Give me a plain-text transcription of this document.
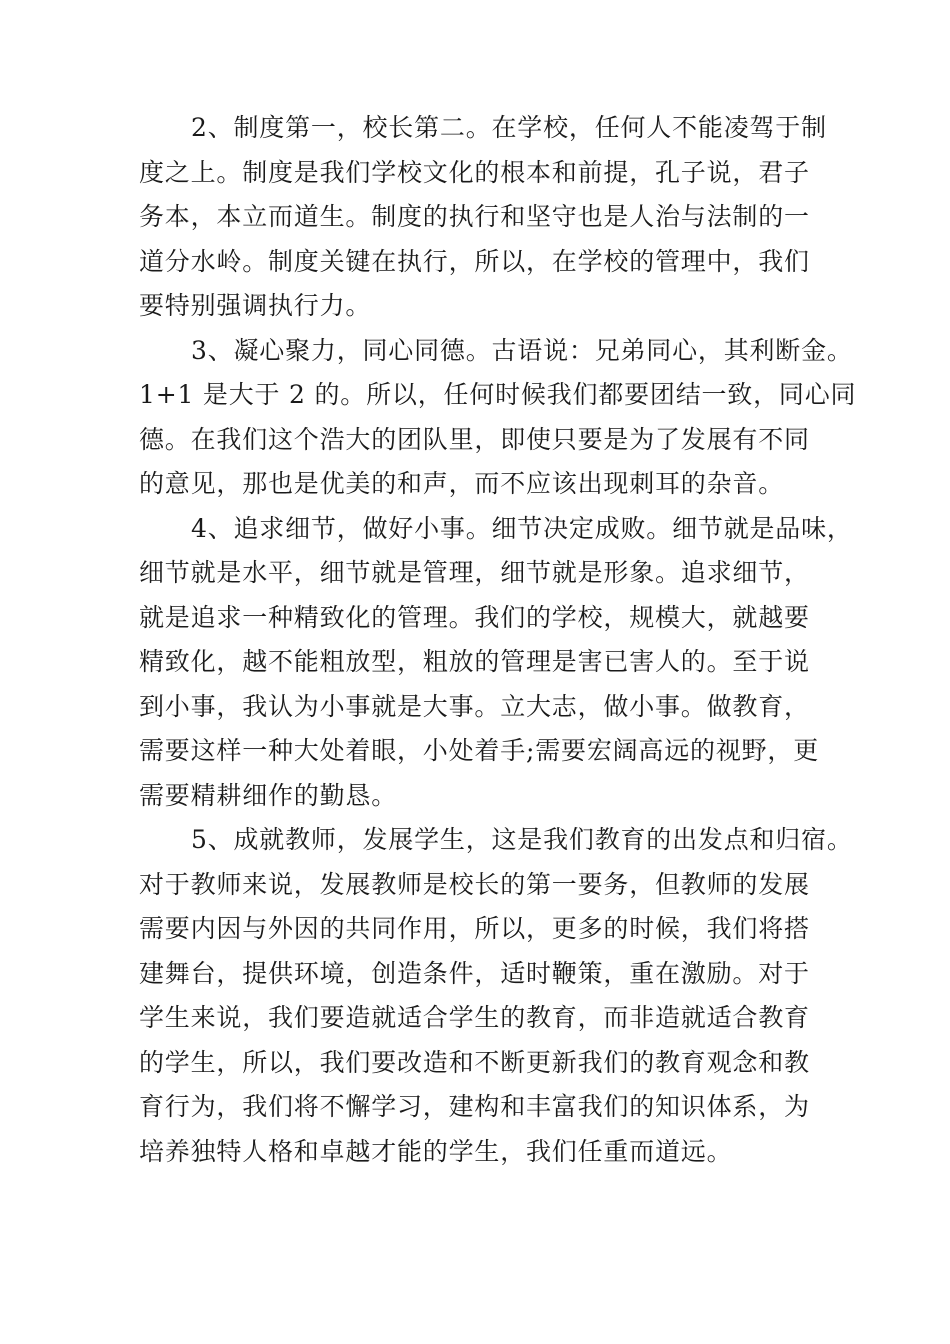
2、制度第一，校长第二。在学校，任何人不能凌驾于制
度之上。制度是我们学校文化的根本和前提，孔子说，君子
务本，本立而道生。制度的执行和坚守也是人治与法制的一
道分水岭。制度关键在执行，所以，在学校的管理中，我们
要特别强调执行力。
3、凝心聚力，同心同德。古语说：兄弟同心，其利断金。
1+1 是大于 2 的。所以，任何时候我们都要团结一致，同心同
德。在我们这个浩大的团队里，即使只要是为了发展有不同
的意见，那也是优美的和声，而不应该出现刺耳的杂音。
4、追求细节，做好小事。细节决定成败。细节就是品味，
细节就是水平，细节就是管理，细节就是形象。追求细节，
就是追求一种精致化的管理。我们的学校，规模大，就越要
精致化，越不能粗放型，粗放的管理是害已害人的。至于说
到小事，我认为小事就是大事。立大志，做小事。做教育，
需要这样一种大处着眼，小处着手;需要宏阔高远的视野，更
需要精耕细作的勤恳。
5、成就教师，发展学生，这是我们教育的出发点和归宿。
对于教师来说，发展教师是校长的第一要务，但教师的发展
需要内因与外因的共同作用，所以，更多的时候，我们将搭
建舞台，提供环境，创造条件，适时鞭策，重在激励。对于
学生来说，我们要造就适合学生的教育，而非造就适合教育
的学生，所以，我们要改造和不断更新我们的教育观念和教
育行为，我们将不懈学习，建构和丰富我们的知识体系，为
培养独特人格和卓越才能的学生，我们任重而道远。
